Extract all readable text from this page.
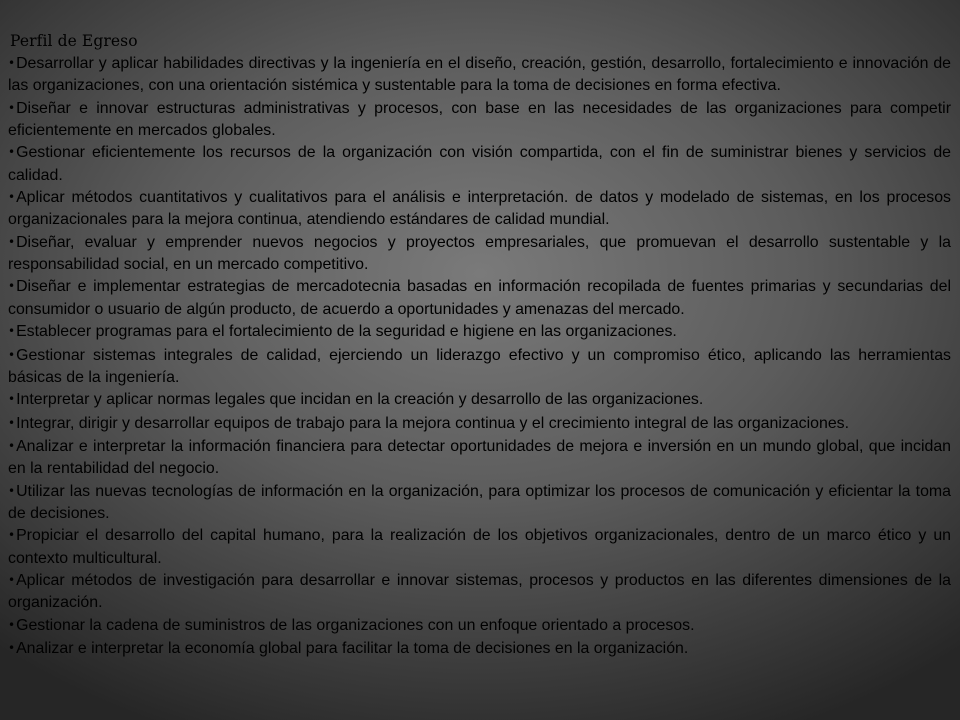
Perfil de Egreso
•Desarrollar y aplicar habilidades directivas y la ingeniería en el diseño, creación, gestión, desarrollo, fortalecimiento e innovación de las organizaciones, con una orientación sistémica y sustentable para la toma de decisiones en forma efectiva.
•Diseñar e innovar estructuras administrativas y procesos, con base en las necesidades de las organizaciones para competir eficientemente en mercados globales.
•Gestionar eficientemente los recursos de la organización con visión compartida, con el fin de suministrar bienes y servicios de calidad.
•Aplicar métodos cuantitativos y cualitativos para el análisis e interpretación. de datos y modelado de sistemas, en los procesos organizacionales para la mejora continua, atendiendo estándares de calidad mundial.
•Diseñar, evaluar y emprender nuevos negocios y proyectos empresariales, que promuevan el desarrollo sustentable y la responsabilidad social, en un mercado competitivo.
•Diseñar e implementar estrategias de mercadotecnia basadas en información recopilada de fuentes primarias y secundarias del consumidor o usuario de algún producto, de acuerdo a oportunidades y amenazas del mercado.
•Establecer programas para el fortalecimiento de la seguridad e higiene en las organizaciones.
•Gestionar sistemas integrales de calidad, ejerciendo un liderazgo efectivo y un compromiso ético, aplicando las herramientas básicas de la ingeniería.
•Interpretar y aplicar normas legales que incidan en la creación y desarrollo de las organizaciones.
•Integrar, dirigir y desarrollar equipos de trabajo para la mejora continua y el crecimiento integral de las organizaciones.
•Analizar e interpretar la información financiera para detectar oportunidades de mejora e inversión en un mundo global, que incidan en la rentabilidad del negocio.
•Utilizar las nuevas tecnologías de información en la organización, para optimizar los procesos de comunicación y eficientar la toma de decisiones.
•Propiciar el desarrollo del capital humano, para la realización de los objetivos organizacionales, dentro de un marco ético y un contexto multicultural.
•Aplicar métodos de investigación para desarrollar e innovar sistemas, procesos y productos en las diferentes dimensiones de la organización.
•Gestionar la cadena de suministros de las organizaciones con un enfoque orientado a procesos.
•Analizar e interpretar la economía global para facilitar la toma de decisiones en la organización.
